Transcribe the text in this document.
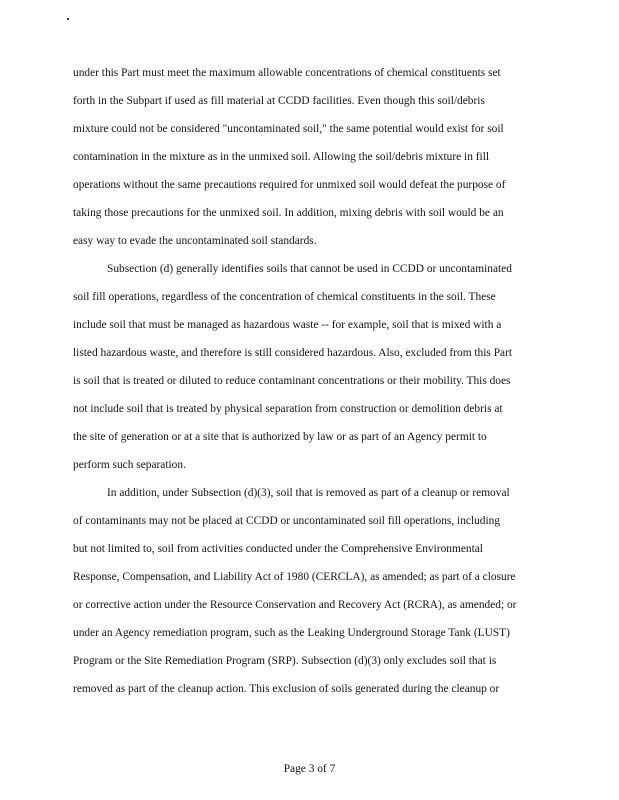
under this Part must meet the maximum allowable concentrations of chemical constituents set
forth in the Subpart if used as fill material at CCDD facilities. Even though this soil/debris
mixture could not be considered "uncontaminated soil," the same potential would exist for soil
contamination in the mixture as in the unmixed soil. Allowing the soil/debris mixture in fill
operations without the same precautions required for unmixed soil would defeat the purpose of
taking those precautions for the unmixed soil. In addition, mixing debris with soil would be an
easy way to evade the uncontaminated soil standards.
Subsection (d) generally identifies soils that cannot be used in CCDD or uncontaminated
soil fill operations, regardless of the concentration of chemical constituents in the soil. These
include soil that must be managed as hazardous waste -- for example, soil that is mixed with a
listed hazardous waste, and therefore is still considered hazardous. Also, excluded from this Part
is soil that is treated or diluted to reduce contaminant concentrations or their mobility. This does
not include soil that is treated by physical separation from construction or demolition debris at
the site of generation or at a site that is authorized by law or as part of an Agency permit to
perform such separation.
In addition, under Subsection (d)(3), soil that is removed as part of a cleanup or removal
of contaminants may not be placed at CCDD or uncontaminated soil fill operations, including
but not limited to, soil from activities conducted under the Comprehensive Environmental
Response, Compensation, and Liability Act of 1980 (CERCLA), as amended; as part of a closure
or corrective action under the Resource Conservation and Recovery Act (RCRA), as amended; or
under an Agency remediation program, such as the Leaking Underground Storage Tank (LUST)
Program or the Site Remediation Program (SRP). Subsection (d)(3) only excludes soil that is
removed as part of the cleanup action. This exclusion of soils generated during the cleanup or
Page 3 of 7
